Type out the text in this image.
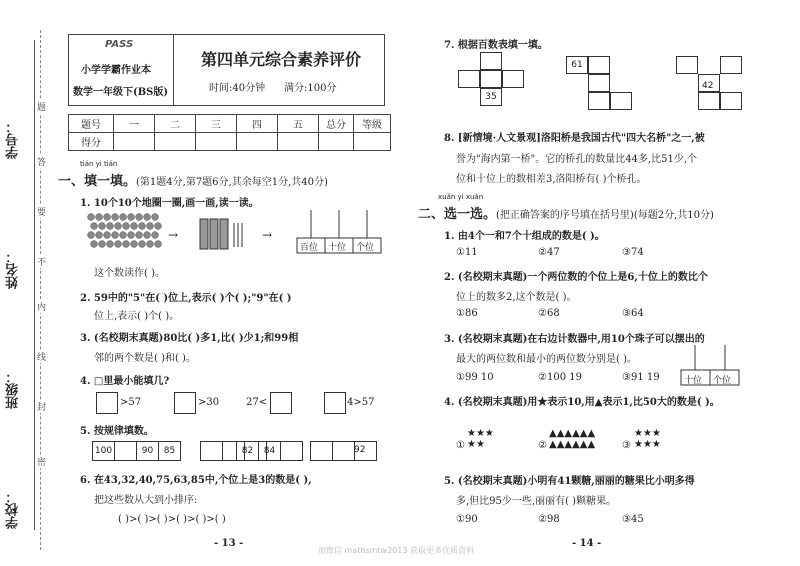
学号：
姓名：
班级：
学校：
题
答
要
不
内
线
封
密
PASS
小学学霸作业本
数学一年级下(BS版)
第四单元综合素养评价
时间:40分钟 满分:100分
题号	一	二	三	四	五	总分	等级
得分							
tián yì tián
一、填一填。(第1题4分,第7题6分,其余每空1分,共40分)
1. 10个10个地圈一圈,画一画,读一读。
→	→
百位 十位 个位
这个数读作( )。
2. 59中的"5"在( )位上,表示( )个( );"9"在( )
位上,表示( )个( )。
3. (名校期末真题)80比( )多1,比( )少1;和99相
邻的两个数是( )和( )。
4. □里最小能填几?
>57	>30	27<	4>57
5. 按规律填数。
100	90	85	82	84	92
6. 在43,32,40,75,63,85中,个位上是3的数是( ),
把这些数从大到小排序:
( )>( )>( )>( )>( )>( )
- 13 -
7. 根据百数表填一填。
35
61
42
8. [新情境·人文景观]洛阳桥是我国古代"四大名桥"之一,被
誉为"海内第一桥"。它的桥孔的数量比44多,比51少,个
位和十位上的数相差3,洛阳桥有( )个桥孔。
xuǎn yi xuǎn
二、选一选。(把正确答案的序号填在括号里)(每题2分,共10分)
1. 由4个一和7个十组成的数是( )。
①11	②47	③74
2. (名校期末真题)一个两位数的个位上是6,十位上的数比个
位上的数多2,这个数是( )。
①86	②68	③64
3. (名校期末真题)在右边计数器中,用10个珠子可以摆出的
最大的两位数和最小的两位数分别是( )。
①99 10	②100 19	③91 19	十位 个位
4. (名校期末真题)用★表示10,用▲表示1,比50大的数是( )。
①
★★★
★★	②
▲▲▲▲▲▲
▲▲▲▲▲▲	③
★★★
★★★
5. (名校期末真题)小明有41颗糖,丽丽的糖果比小明多得
多,但比95少一些,丽丽有( )颗糖果。
①90	②98	③45
- 14 -
加微信 mathsmtw2013 获取更多优质资料
